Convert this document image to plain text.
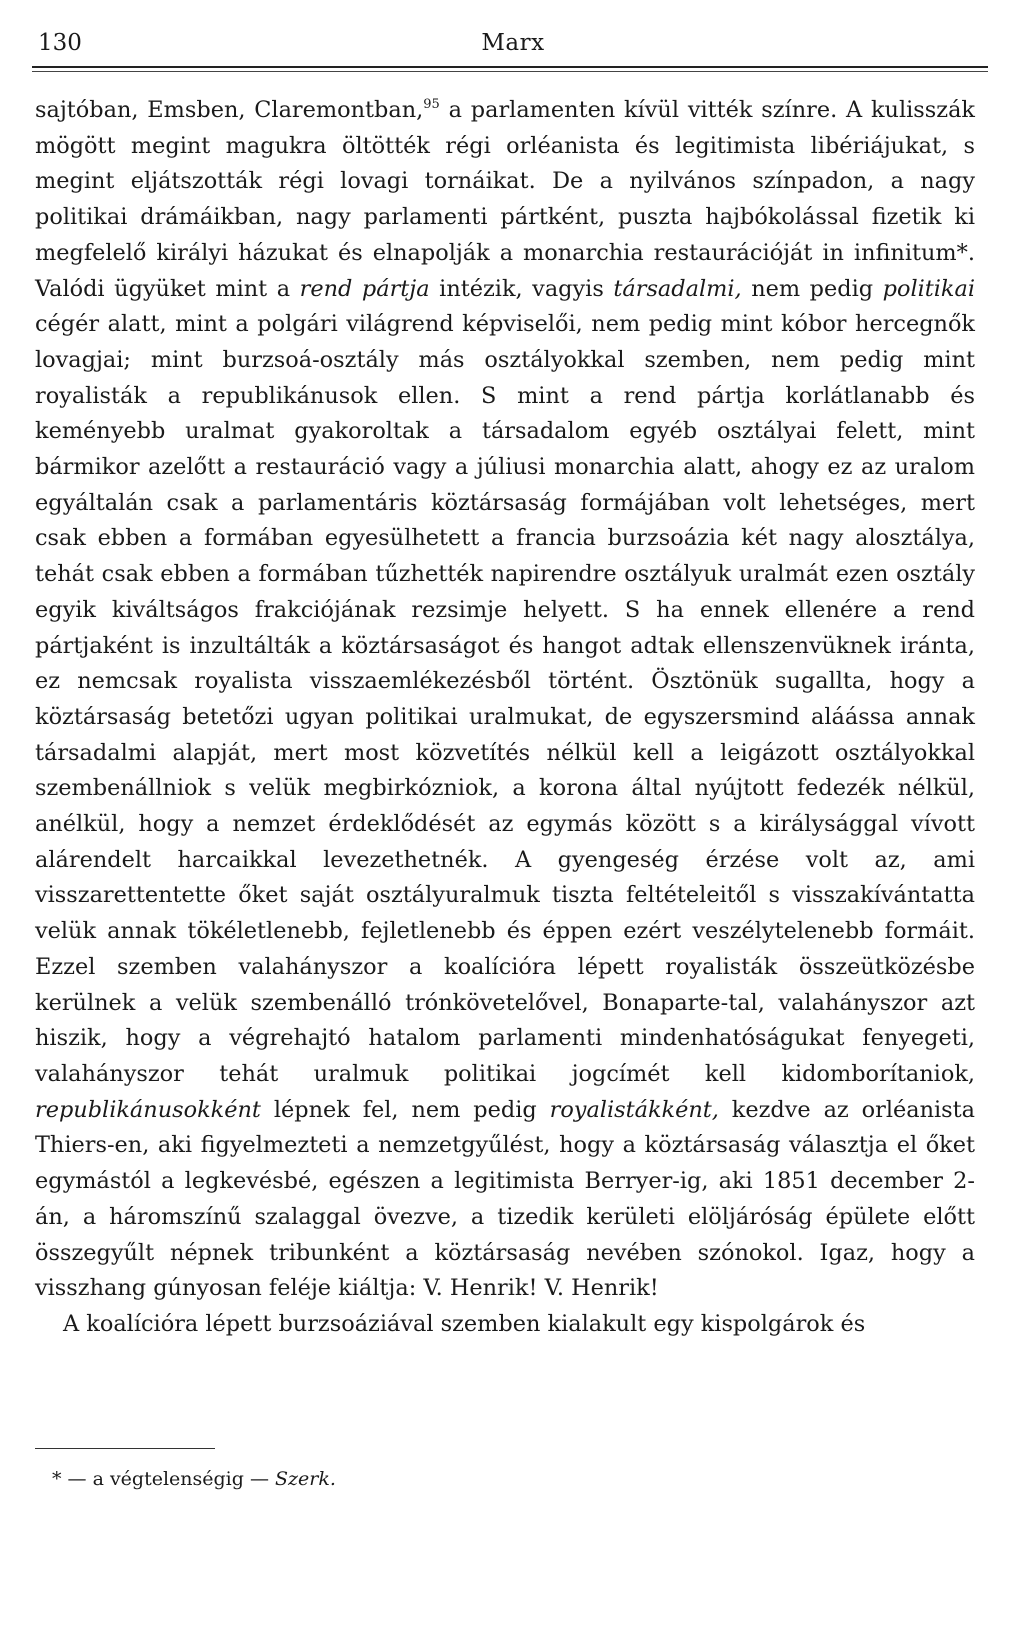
130	Marx

sajtóban, Emsben, Claremontban,$^{95}$ a parlamenten kívül vitték színre. A kulisszák mögött megint magukra öltötték régi orléanista és legitimista libériájukat, s megint eljátszották régi lovagi tornáikat. De a nyilvános színpadon, a nagy politikai drámáikban, nagy parlamenti pártként, puszta hajbókolással fizetik ki megfelelő királyi házukat és elnapolják a monarchia restaurációját in infinitum*. Valódi ügyüket mint a rend pártja intézik, vagyis társadalmi, nem pedig politikai cégér alatt, mint a polgári világrend képviselői, nem pedig mint kóbor hercegnők lovagjai; mint burzsoá-osztály más osztályokkal szemben, nem pedig mint royalisták a republikánusok ellen. S mint a rend pártja korlátlanabb és keményebb uralmat gyakoroltak a társadalom egyéb osztályai felett, mint bármikor azelőtt a restauráció vagy a júliusi monarchia alatt, ahogy ez az uralom egyáltalán csak a parlamentáris köztársaság formájában volt lehetséges, mert csak ebben a formában egyesülhetett a francia burzsoázia két nagy alosztálya, tehát csak ebben a formában tűzhették napirendre osztályuk uralmát ezen osztály egyik kiváltságos frakciójának rezsimje helyett. S ha ennek ellenére a rend pártjaként is inzultálták a köztársaságot és hangot adtak ellenszenvüknek iránta, ez nemcsak royalista visszaemlékezésből történt. Ösztönük sugallta, hogy a köztársaság betetőzi ugyan politikai uralmukat, de egyszersmind aláássa annak társadalmi alapját, mert most közvetítés nélkül kell a leigázott osztályokkal szembenállniok s velük megbirkózniok, a korona által nyújtott fedezék nélkül, anélkül, hogy a nemzet érdeklődését az egymás között s a királysággal vívott alárendelt harcaikkal levezethetnék. A gyengeség érzése volt az, ami visszarettentette őket saját osztályuralmuk tiszta feltételeitől s visszakívántatta velük annak tökéletlenebb, fejletlenebb és éppen ezért veszélytelenebb formáit. Ezzel szemben valahányszor a koalícióra lépett royalisták összeütközésbe kerülnek a velük szembenálló trónkövetelővel, Bonaparte-tal, valahányszor azt hiszik, hogy a végrehajtó hatalom parlamenti mindenhatóságukat fenyegeti, valahányszor tehát uralmuk politikai jogcímét kell kidomborítaniok, republikánusokként lépnek fel, nem pedig royalistákként, kezdve az orléanista Thiers-en, aki figyelmezteti a nemzetgyűlést, hogy a köztársaság választja el őket egymástól a legkevésbé, egészen a legitimista Berryer-ig, aki 1851 december 2-án, a háromszínű szalaggal övezve, a tizedik kerületi elöljáróság épülete előtt összegyűlt népnek tribunként a köztársaság nevében szónokol. Igaz, hogy a visszhang gúnyosan feléje kiáltja: V. Henrik! V. Henrik!

A koalícióra lépett burzsoáziával szemben kialakult egy kispolgárok és

* — a végtelenségig — Szerk.
